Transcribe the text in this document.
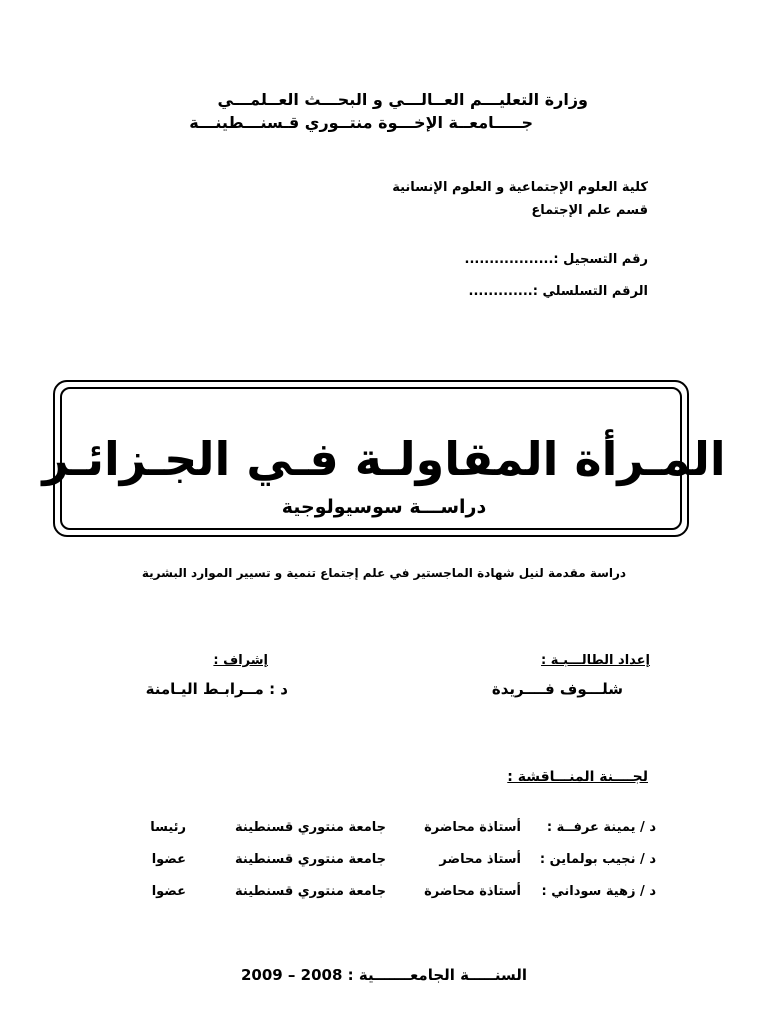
وزارة التعليـــم العــالـــي و البحـــث العــلمـــي
جـــــامعــة الإخـــوة منتــوري قـسنـــطينـــة
كلية العلوم الإجتماعية و العلوم الإنسانية
قسم علم الإجتماع
رقم التسجيل :..................
الرقم التسلسلي :.............
المـرأة المقاولـة فـي الجـزائـر
دراســـة سوسيولوجية
دراسة مقدمة لنيل شهادة الماجستير في علم إجتماع تنمية و تسيير الموارد البشرية
إعداد الطالـــبـة :
شلـــوف فــــريدة
إشراف :
د : مــرابـط اليـامنة
لجــــنة المنـــاقشة :
د / يمينة عرفــة :
أستاذة محاضرة
جامعة منتوري قسنطينة
رئيسا
د / نجيب بولماين :
أستاذ محاضر
جامعة منتوري قسنطينة
عضوا
د / زهية سوداني :
أستاذة محاضرة
جامعة منتوري قسنطينة
عضوا
السنـــــة الجامعـــــــية : 2008 – 2009
